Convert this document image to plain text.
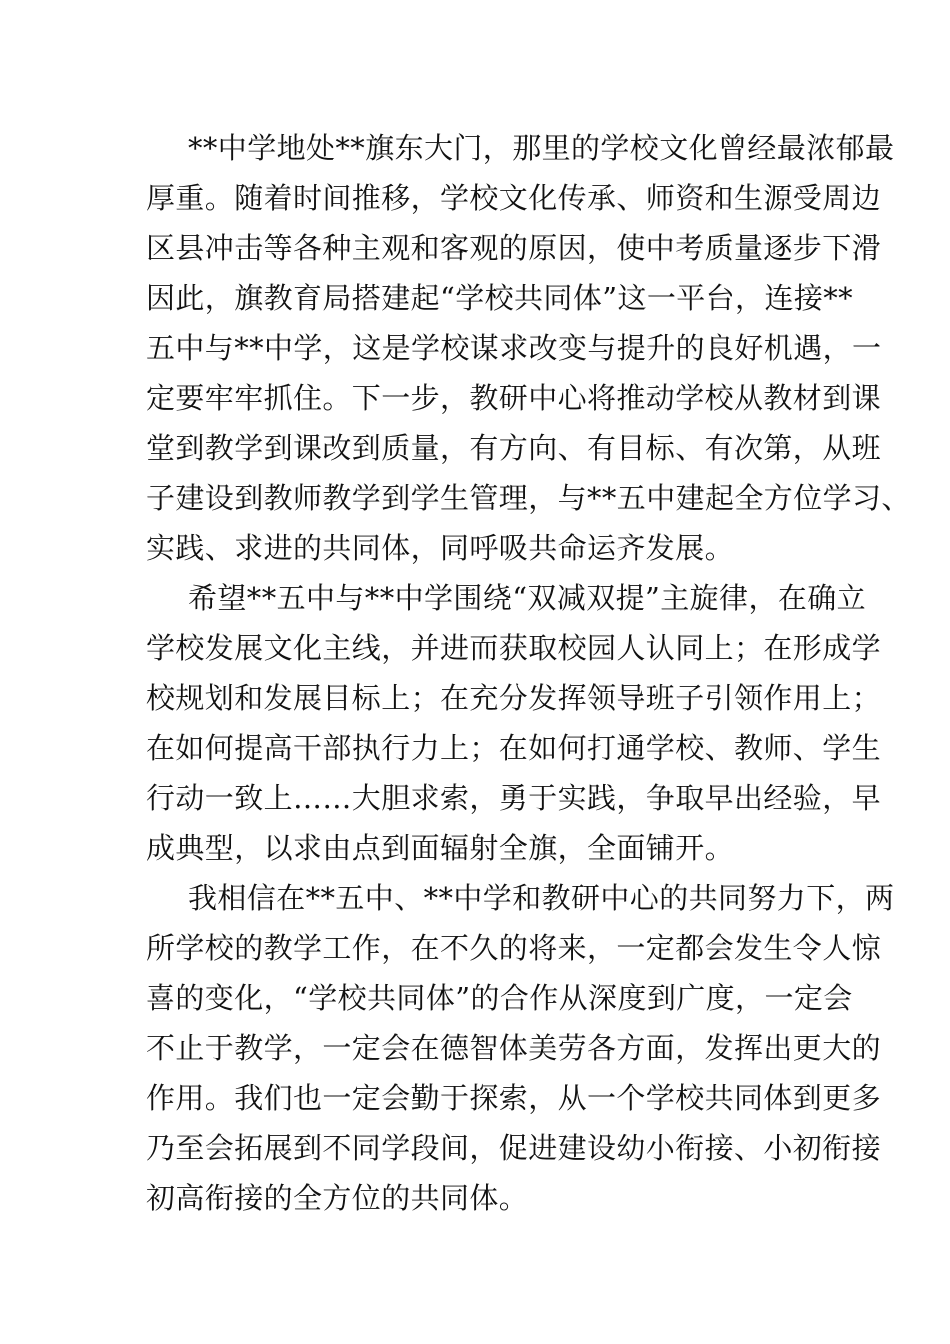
**中学地处**旗东大门，那里的学校文化曾经最浓郁最
厚重。随着时间推移，学校文化传承、师资和生源受周边
区县冲击等各种主观和客观的原因，使中考质量逐步下滑
因此，旗教育局搭建起“学校共同体”这一平台，连接**
五中与**中学，这是学校谋求改变与提升的良好机遇，一
定要牢牢抓住。下一步，教研中心将推动学校从教材到课
堂到教学到课改到质量，有方向、有目标、有次第，从班
子建设到教师教学到学生管理，与**五中建起全方位学习、
实践、求进的共同体，同呼吸共命运齐发展。
希望**五中与**中学围绕“双减双提”主旋律，在确立
学校发展文化主线，并进而获取校园人认同上；在形成学
校规划和发展目标上；在充分发挥领导班子引领作用上；
在如何提高干部执行力上；在如何打通学校、教师、学生
行动一致上……大胆求索，勇于实践，争取早出经验，早
成典型，以求由点到面辐射全旗，全面铺开。
我相信在**五中、**中学和教研中心的共同努力下，两
所学校的教学工作，在不久的将来，一定都会发生令人惊
喜的变化，“学校共同体”的合作从深度到广度，一定会
不止于教学，一定会在德智体美劳各方面，发挥出更大的
作用。我们也一定会勤于探索，从一个学校共同体到更多
乃至会拓展到不同学段间，促进建设幼小衔接、小初衔接
初高衔接的全方位的共同体。
